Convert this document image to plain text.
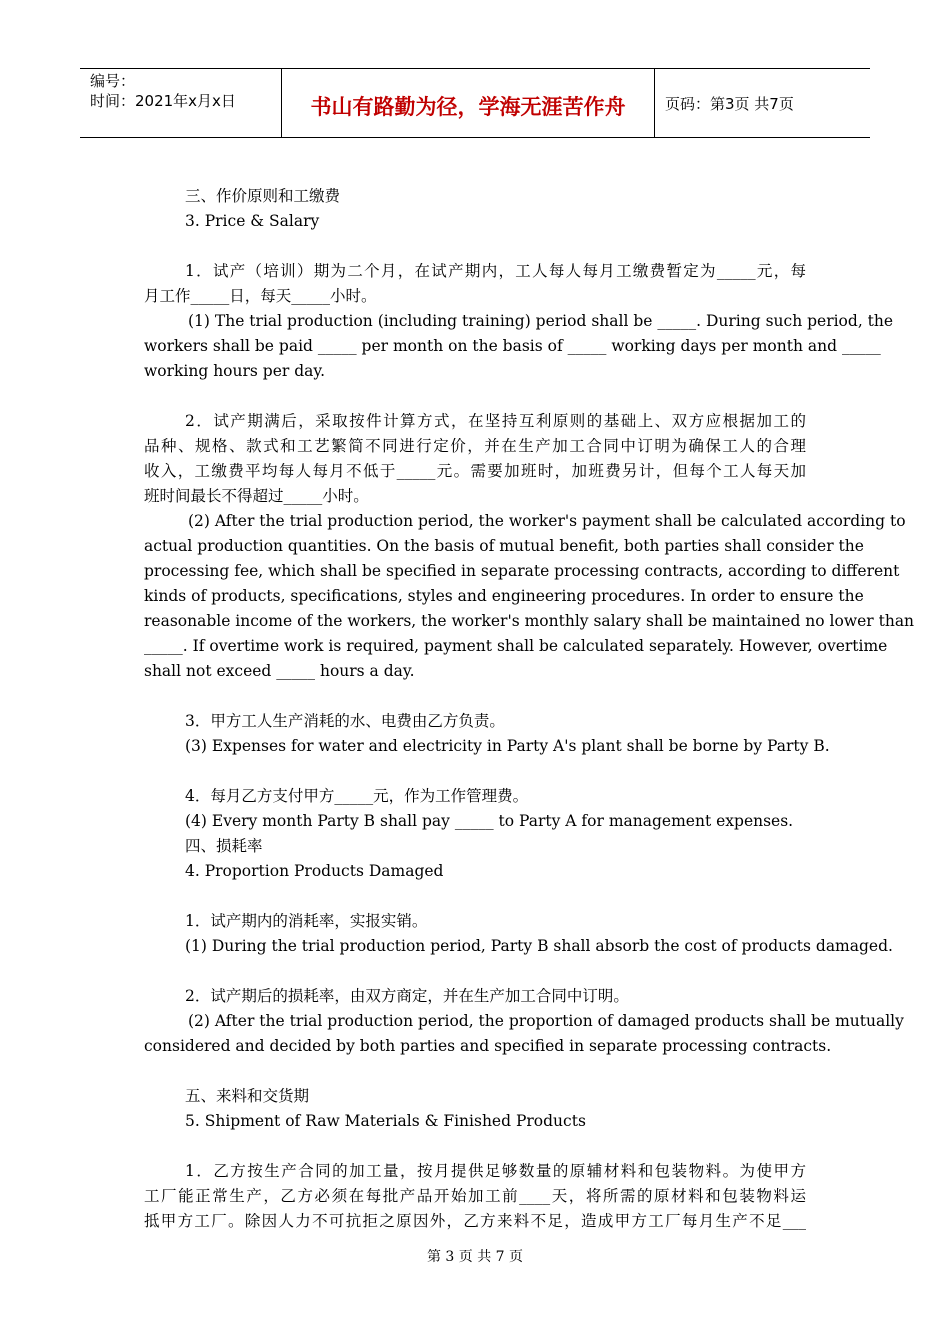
编号：
时间：2021年x月x日	书山有路勤为径，学海无涯苦作舟	页码：第3页 共7页
三、作价原则和工缴费
3. Price & Salary
1．试产（培训）期为二个月，在试产期内，工人每人每月工缴费暂定为_____元，每
月工作_____日，每天_____小时。
(1) The trial production (including training) period shall be _____. During such period, the
workers shall be paid _____ per month on the basis of _____ working days per month and _____
working hours per day.
2．试产期满后，采取按件计算方式，在坚持互利原则的基础上、双方应根据加工的
品种、规格、款式和工艺繁简不同进行定价，并在生产加工合同中订明为确保工人的合理
收入，工缴费平均每人每月不低于_____元。需要加班时，加班费另计，但每个工人每天加
班时间最长不得超过_____小时。
(2) After the trial production period, the worker's payment shall be calculated according to
actual production quantities. On the basis of mutual benefit, both parties shall consider the
processing fee, which shall be specified in separate processing contracts, according to different
kinds of products, specifications, styles and engineering procedures. In order to ensure the
reasonable income of the workers, the worker's monthly salary shall be maintained no lower than
_____. If overtime work is required, payment shall be calculated separately. However, overtime
shall not exceed _____ hours a day.
3．甲方工人生产消耗的水、电费由乙方负责。
(3) Expenses for water and electricity in Party A's plant shall be borne by Party B.
4．每月乙方支付甲方_____元，作为工作管理费。
(4) Every month Party B shall pay _____ to Party A for management expenses.
四、损耗率
4. Proportion Products Damaged
1．试产期内的消耗率，实报实销。
(1) During the trial production period, Party B shall absorb the cost of products damaged.
2．试产期后的损耗率，由双方商定，并在生产加工合同中订明。
(2) After the trial production period, the proportion of damaged products shall be mutually
considered and decided by both parties and specified in separate processing contracts.
五、来料和交货期
5. Shipment of Raw Materials & Finished Products
1．乙方按生产合同的加工量，按月提供足够数量的原辅材料和包装物料。为使甲方
工厂能正常生产，乙方必须在每批产品开始加工前____天，将所需的原材料和包装物料运
抵甲方工厂。除因人力不可抗拒之原因外，乙方来料不足，造成甲方工厂每月生产不足___
第 3 页 共 7 页
